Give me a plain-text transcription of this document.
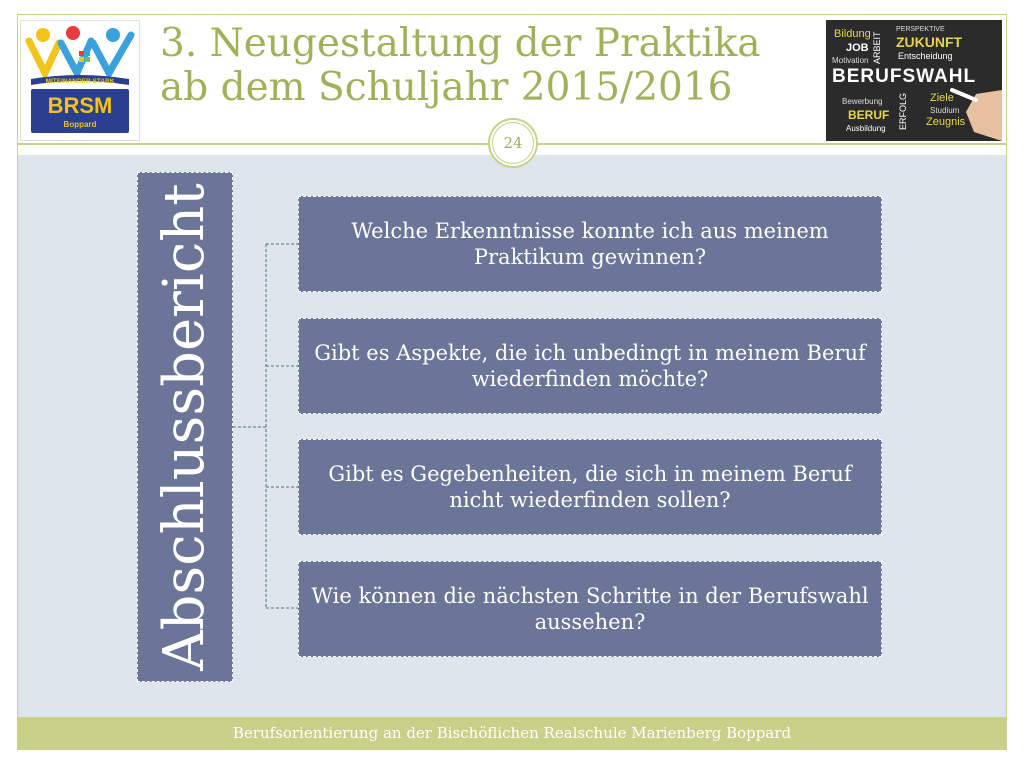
MITEINANDER STARK
BRSM
Boppard
3. Neugestaltung der Praktika
ab dem Schuljahr 2015/2016
Bildung
JOB
Motivation ARBEIT
PERSPEKTIVE
ZUKUNFT
Entscheidung
BERUFSWAHL
Bewerbung ERFOLG Ziele
BERUF	Studium
Ausbildung
Zeugnis
24
Abschlussbericht	Welche Erkenntnisse konnte ich aus meinem Praktikum gewinnen?
Gibt es Aspekte, die ich unbedingt in meinem Beruf wiederfinden möchte?
Gibt es Gegebenheiten, die sich in meinem Beruf nicht wiederfinden sollen?
Wie können die nächsten Schritte in der Berufswahl aussehen?
Berufsorientierung an der Bischöflichen Realschule Marienberg Boppard
